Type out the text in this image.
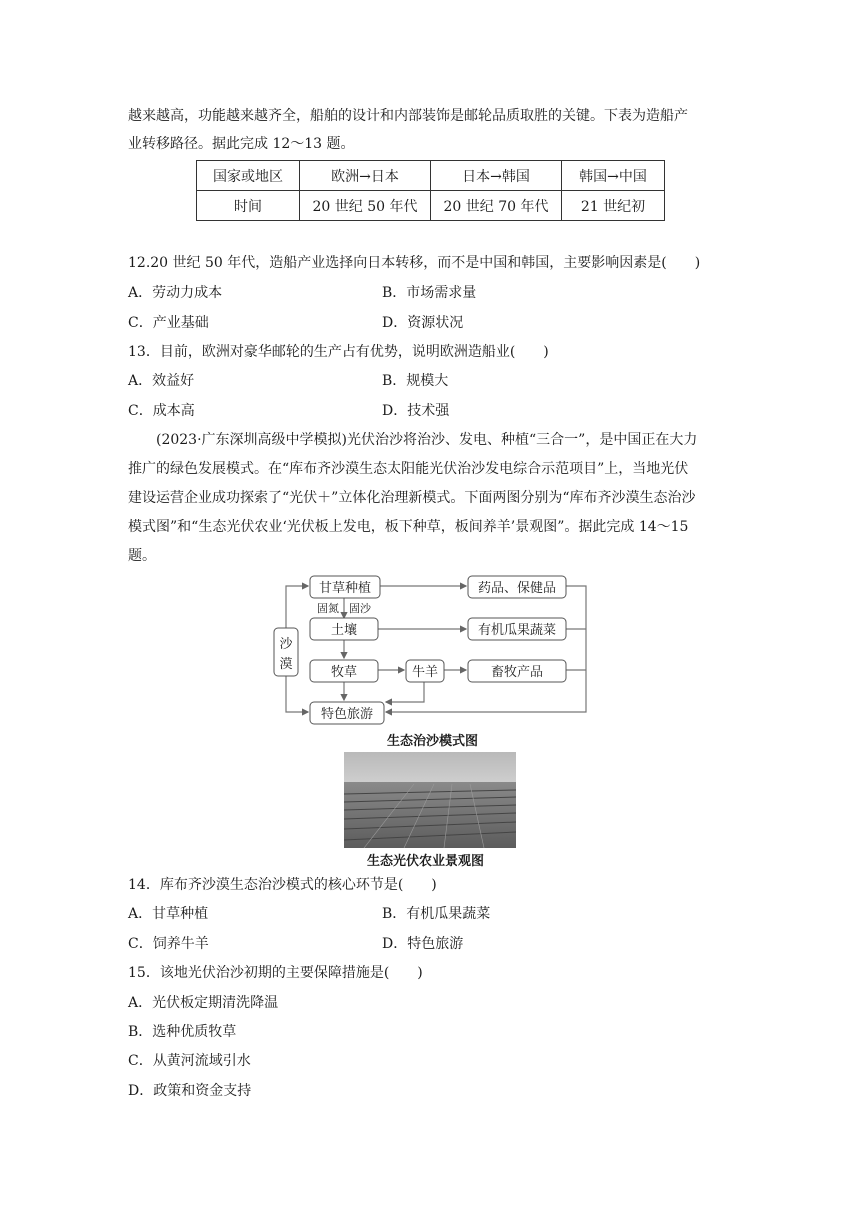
越来越高，功能越来越齐全，船舶的设计和内部装饰是邮轮品质取胜的关键。下表为造船产
业转移路径。据此完成 12～13 题。
国家或地区	欧洲→日本	日本→韩国	韩国→中国
时间	20 世纪 50 年代	20 世纪 70 年代	21 世纪初
12.20 世纪 50 年代，造船产业选择向日本转移，而不是中国和韩国，主要影响因素是(　　)
A．劳动力成本	B．市场需求量
C．产业基础	D．资源状况
13．目前，欧洲对豪华邮轮的生产占有优势，说明欧洲造船业(　　)
A．效益好	B．规模大
C．成本高	D．技术强
(2023·广东深圳高级中学模拟)光伏治沙将治沙、发电、种植“三合一”，是中国正在大力
推广的绿色发展模式。在“库布齐沙漠生态太阳能光伏治沙发电综合示范项目”上，当地光伏
建设运营企业成功探索了“光伏＋”立体化治理新模式。下面两图分别为“库布齐沙漠生态治沙
模式图”和“生态光伏农业‘光伏板上发电，板下种草，板间养羊’景观图”。据此完成 14～15
题。
沙
漠
甘草种植
土壤
牧草	牛羊
特色旅游
药品、保健品
有机瓜果蔬菜
畜牧产品
固氮 固沙
生态治沙模式图
生态光伏农业景观图
14．库布齐沙漠生态治沙模式的核心环节是(　　)
A．甘草种植	B．有机瓜果蔬菜
C．饲养牛羊	D．特色旅游
15．该地光伏治沙初期的主要保障措施是(　　)
A．光伏板定期清洗降温
B．选种优质牧草
C．从黄河流域引水
D．政策和资金支持
